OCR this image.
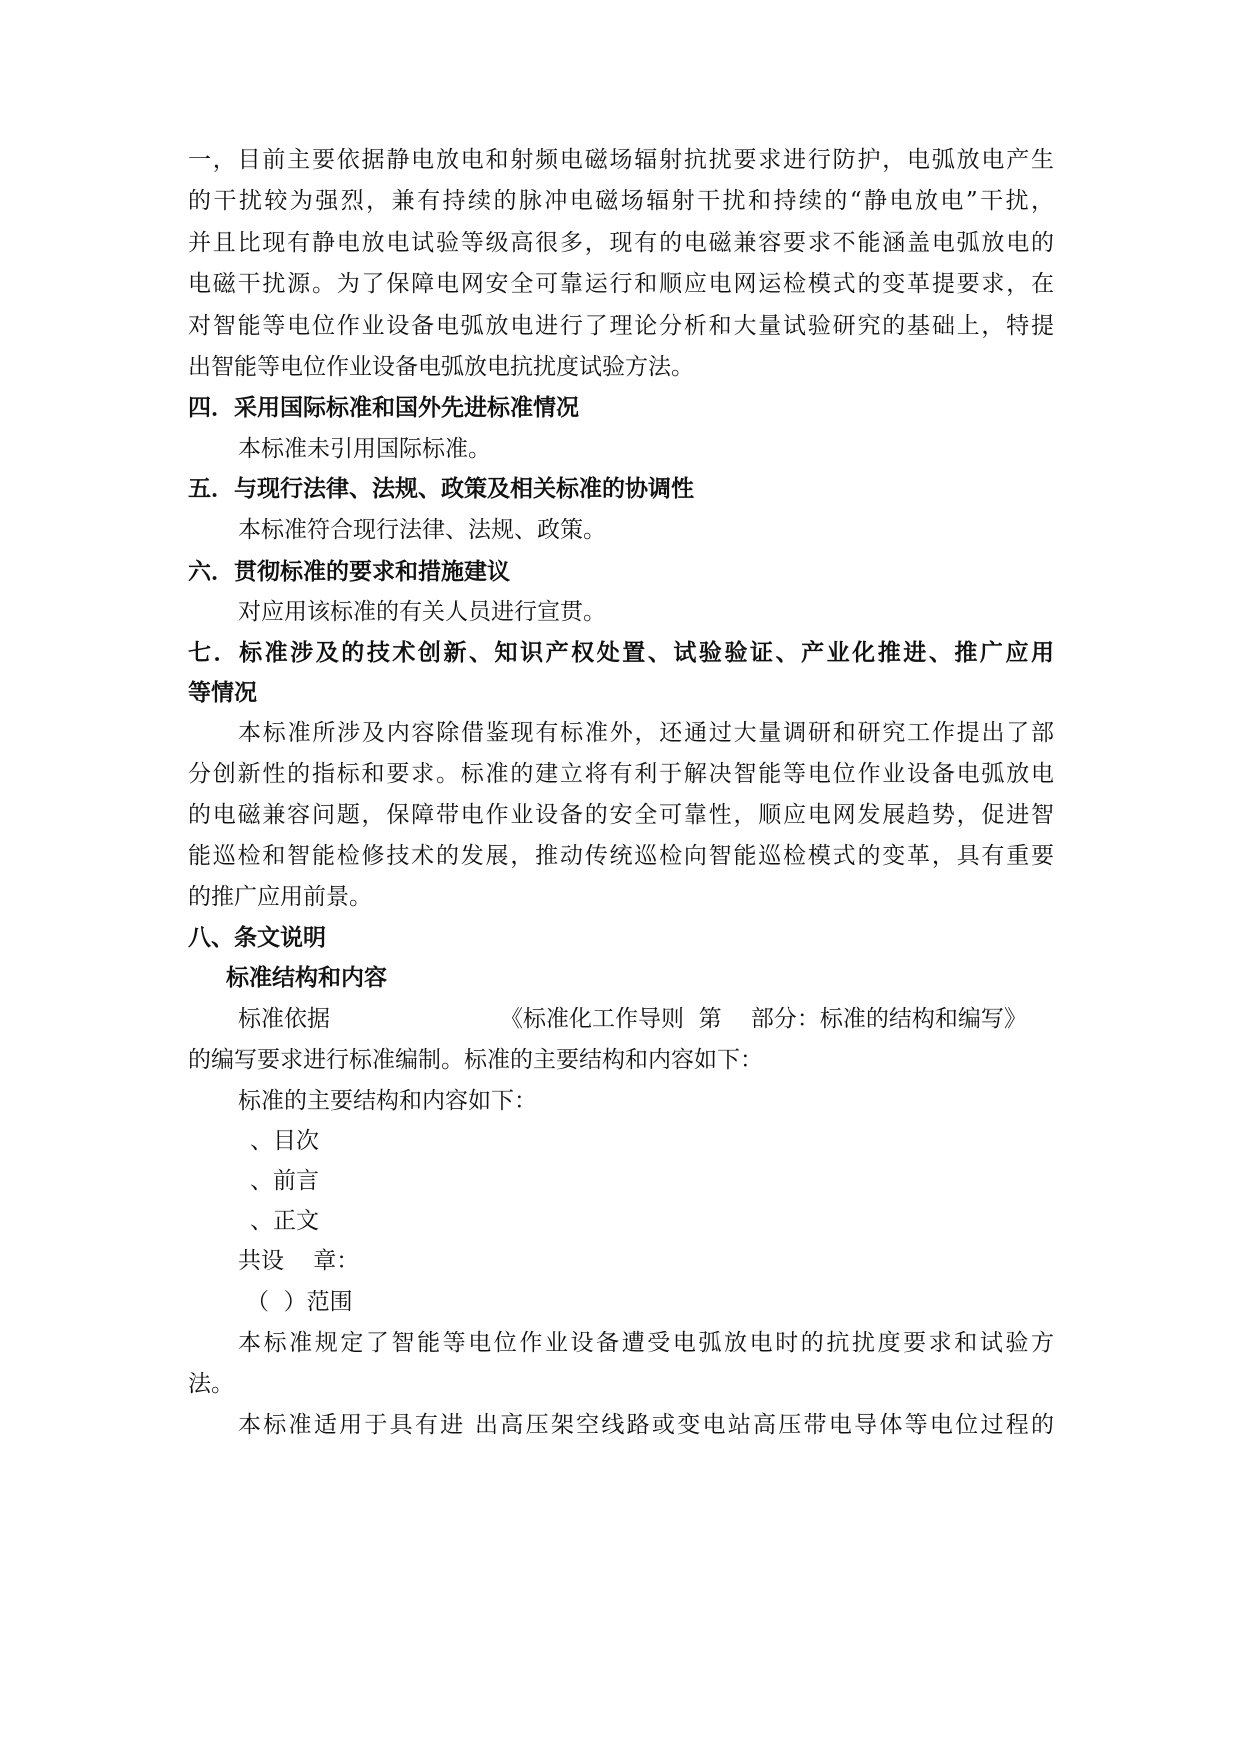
一，目前主要依据静电放电和射频电磁场辐射抗扰要求进行防护，电弧放电产生
的干扰较为强烈，兼有持续的脉冲电磁场辐射干扰和持续的“静电放电”干扰，
并且比现有静电放电试验等级高很多，现有的电磁兼容要求不能涵盖电弧放电的
电磁干扰源。为了保障电网安全可靠运行和顺应电网运检模式的变革提要求，在
对智能等电位作业设备电弧放电进行了理论分析和大量试验研究的基础上，特提
出智能等电位作业设备电弧放电抗扰度试验方法。
四．采用国际标准和国外先进标准情况
本标准未引用国际标准。
五．与现行法律、法规、政策及相关标准的协调性
本标准符合现行法律、法规、政策。
六．贯彻标准的要求和措施建议
对应用该标准的有关人员进行宣贯。
七．标准涉及的技术创新、知识产权处置、试验验证、产业化推进、推广应用
等情况
本标准所涉及内容除借鉴现有标准外，还通过大量调研和研究工作提出了部
分创新性的指标和要求。标准的建立将有利于解决智能等电位作业设备电弧放电
的电磁兼容问题，保障带电作业设备的安全可靠性，顺应电网发展趋势，促进智
能巡检和智能检修技术的发展，推动传统巡检向智能巡检模式的变革，具有重要
的推广应用前景。
八、条文说明
标准结构和内容
标准依据	《标准化工作导则  第    部分：标准的结构和编写》
的编写要求进行标准编制。标准的主要结构和内容如下：
标准的主要结构和内容如下：
、目次
、前言
、正文
共设    章：
（  ）范围
本标准规定了智能等电位作业设备遭受电弧放电时的抗扰度要求和试验方
法。
本标准适用于具有进 出高压架空线路或变电站高压带电导体等电位过程的
